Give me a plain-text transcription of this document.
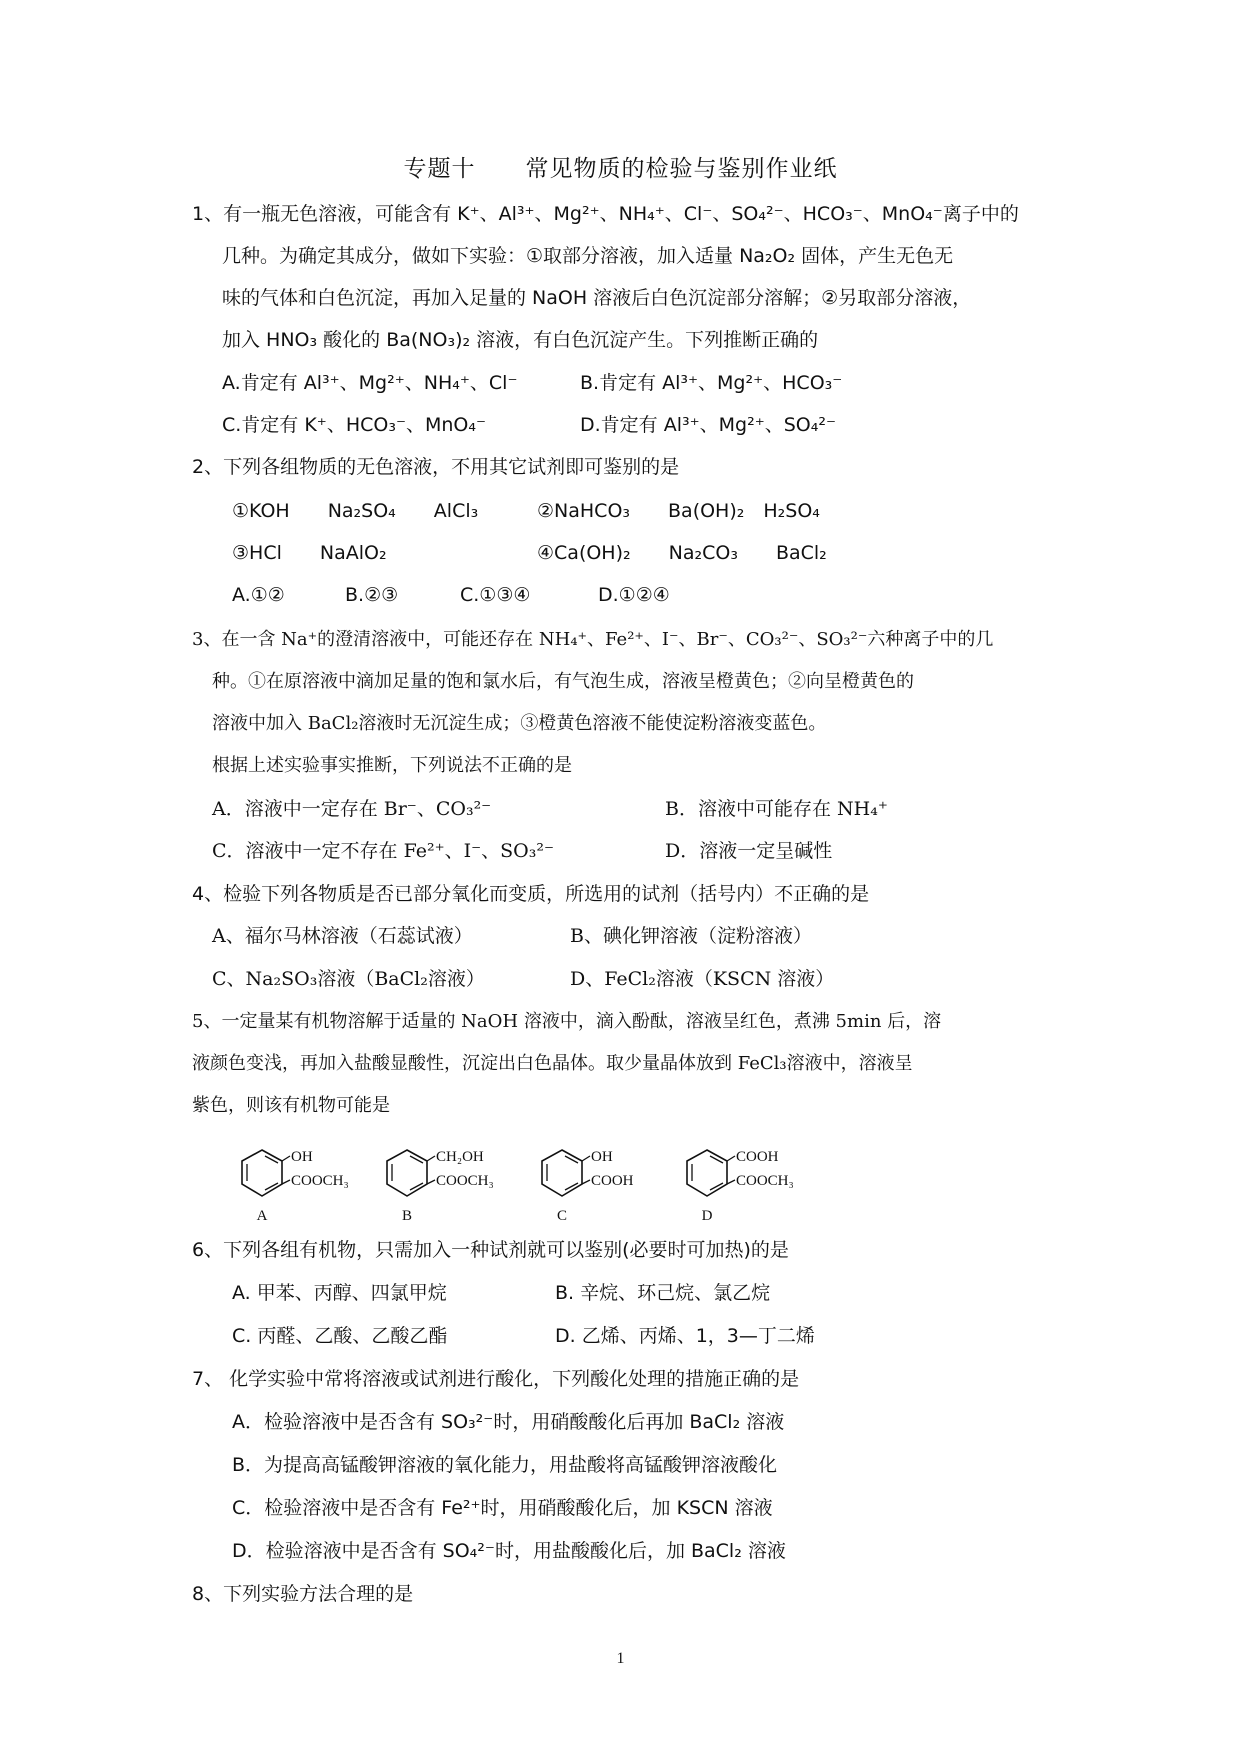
专题十 常见物质的检验与鉴别作业纸
1、有一瓶无色溶液，可能含有 K⁺、Al³⁺、Mg²⁺、NH₄⁺、Cl⁻、SO₄²⁻、HCO₃⁻、MnO₄⁻离子中的
几种。为确定其成分，做如下实验：①取部分溶液，加入适量 Na₂O₂ 固体，产生无色无
味的气体和白色沉淀，再加入足量的 NaOH 溶液后白色沉淀部分溶解；②另取部分溶液，
加入 HNO₃ 酸化的 Ba(NO₃)₂ 溶液，有白色沉淀产生。下列推断正确的
A.肯定有 Al³⁺、Mg²⁺、NH₄⁺、Cl⁻	B.肯定有 Al³⁺、Mg²⁺、HCO₃⁻
C.肯定有 K⁺、HCO₃⁻、MnO₄⁻	D.肯定有 Al³⁺、Mg²⁺、SO₄²⁻
2、下列各组物质的无色溶液，不用其它试剂即可鉴别的是
①KOH　　Na₂SO₄　　AlCl₃	②NaHCO₃　　Ba(OH)₂　H₂SO₄
③HCl　　NaAlO₂	④Ca(OH)₂　　Na₂CO₃　　BaCl₂
A.①②	B.②③	C.①③④	D.①②④
3、在一含 Na⁺的澄清溶液中，可能还存在 NH₄⁺、Fe²⁺、I⁻、Br⁻、CO₃²⁻、SO₃²⁻六种离子中的几
种。①在原溶液中滴加足量的饱和氯水后，有气泡生成，溶液呈橙黄色；②向呈橙黄色的
溶液中加入 BaCl₂溶液时无沉淀生成；③橙黄色溶液不能使淀粉溶液变蓝色。
根据上述实验事实推断，下列说法不正确的是
A．溶液中一定存在 Br⁻、CO₃²⁻	B．溶液中可能存在 NH₄⁺
C．溶液中一定不存在 Fe²⁺、I⁻、SO₃²⁻	D．溶液一定呈碱性
4、检验下列各物质是否已部分氧化而变质，所选用的试剂（括号内）不正确的是
A、福尔马林溶液（石蕊试液）	B、碘化钾溶液（淀粉溶液）
C、Na₂SO₃溶液（BaCl₂溶液）	D、FeCl₂溶液（KSCN 溶液）
5、一定量某有机物溶解于适量的 NaOH 溶液中，滴入酚酞，溶液呈红色，煮沸 5min 后，溶
液颜色变浅，再加入盐酸显酸性，沉淀出白色晶体。取少量晶体放到 FeCl₃溶液中，溶液呈
紫色，则该有机物可能是
OH
COOCH₃
A
CH₂OH
COOCH₃
B
OH
COOH
C
COOH
COOCH₃
D
6、下列各组有机物，只需加入一种试剂就可以鉴别(必要时可加热)的是
A. 甲苯、丙醇、四氯甲烷	B. 辛烷、环己烷、氯乙烷
C. 丙醛、乙酸、乙酸乙酯	D. 乙烯、丙烯、1，3—丁二烯
7、 化学实验中常将溶液或试剂进行酸化，下列酸化处理的措施正确的是
A．检验溶液中是否含有 SO₃²⁻时，用硝酸酸化后再加 BaCl₂ 溶液
B．为提高高锰酸钾溶液的氧化能力，用盐酸将高锰酸钾溶液酸化
C．检验溶液中是否含有 Fe²⁺时，用硝酸酸化后，加 KSCN 溶液
D．检验溶液中是否含有 SO₄²⁻时，用盐酸酸化后，加 BaCl₂ 溶液
8、下列实验方法合理的是
1
